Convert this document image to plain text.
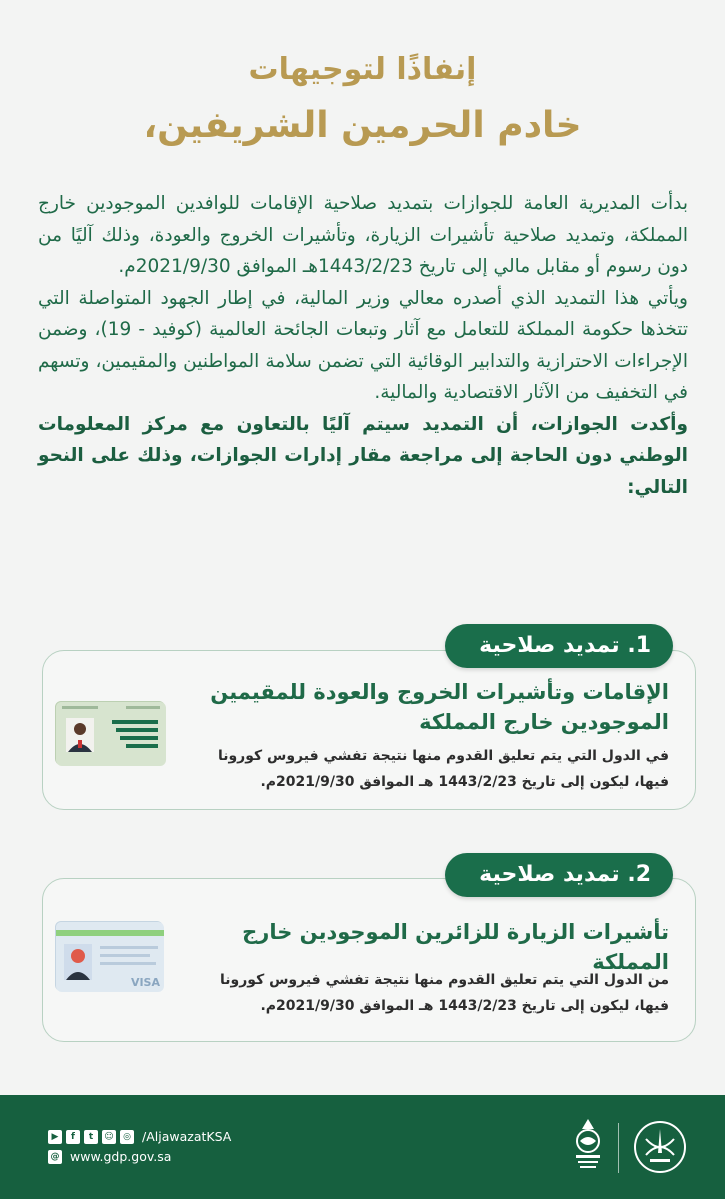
إنفاذًا لتوجيهات
خادم الحرمين الشريفين،

بدأت المديرية العامة للجوازات بتمديد صلاحية الإقامات للوافدين الموجودين خارج المملكة، وتمديد صلاحية تأشيرات الزيارة، وتأشيرات الخروج والعودة، وذلك آليًا من دون رسوم أو مقابل مالي إلى تاريخ 1443/2/23هـ الموافق 2021/9/30م.

ويأتي هذا التمديد الذي أصدره معالي وزير المالية، في إطار الجهود المتواصلة التي تتخذها حكومة المملكة للتعامل مع آثار وتبعات الجائحة العالمية (كوفيد - 19)، وضمن الإجراءات الاحترازية والتدابير الوقائية التي تضمن سلامة المواطنين والمقيمين، وتسهم في التخفيف من الآثار الاقتصادية والمالية.

وأكدت الجوازات، أن التمديد سيتم آليًا بالتعاون مع مركز المعلومات الوطني دون الحاجة إلى مراجعة مقار إدارات الجوازات، وذلك على النحو التالي:

الإقامات وتأشيرات الخروج والعودة للمقيمين الموجودين خارج المملكة
في الدول التي يتم تعليق القدوم منها نتيجة تفشي فيروس كورونا
فيها، ليكون إلى تاريخ 1443/2/23 هـ الموافق 2021/9/30م.
1. تمديد صلاحية
تأشيرات الزيارة للزائرين الموجودين خارج المملكة
من الدول التي يتم تعليق القدوم منها نتيجة تفشي فيروس كورونا
فيها، ليكون إلى تاريخ 1443/2/23 هـ الموافق 2021/9/30م.
VISA
2. تمديد صلاحية
▶	f	t	☺	◎ /AljawazatKSA
@ www.gdp.gov.sa
